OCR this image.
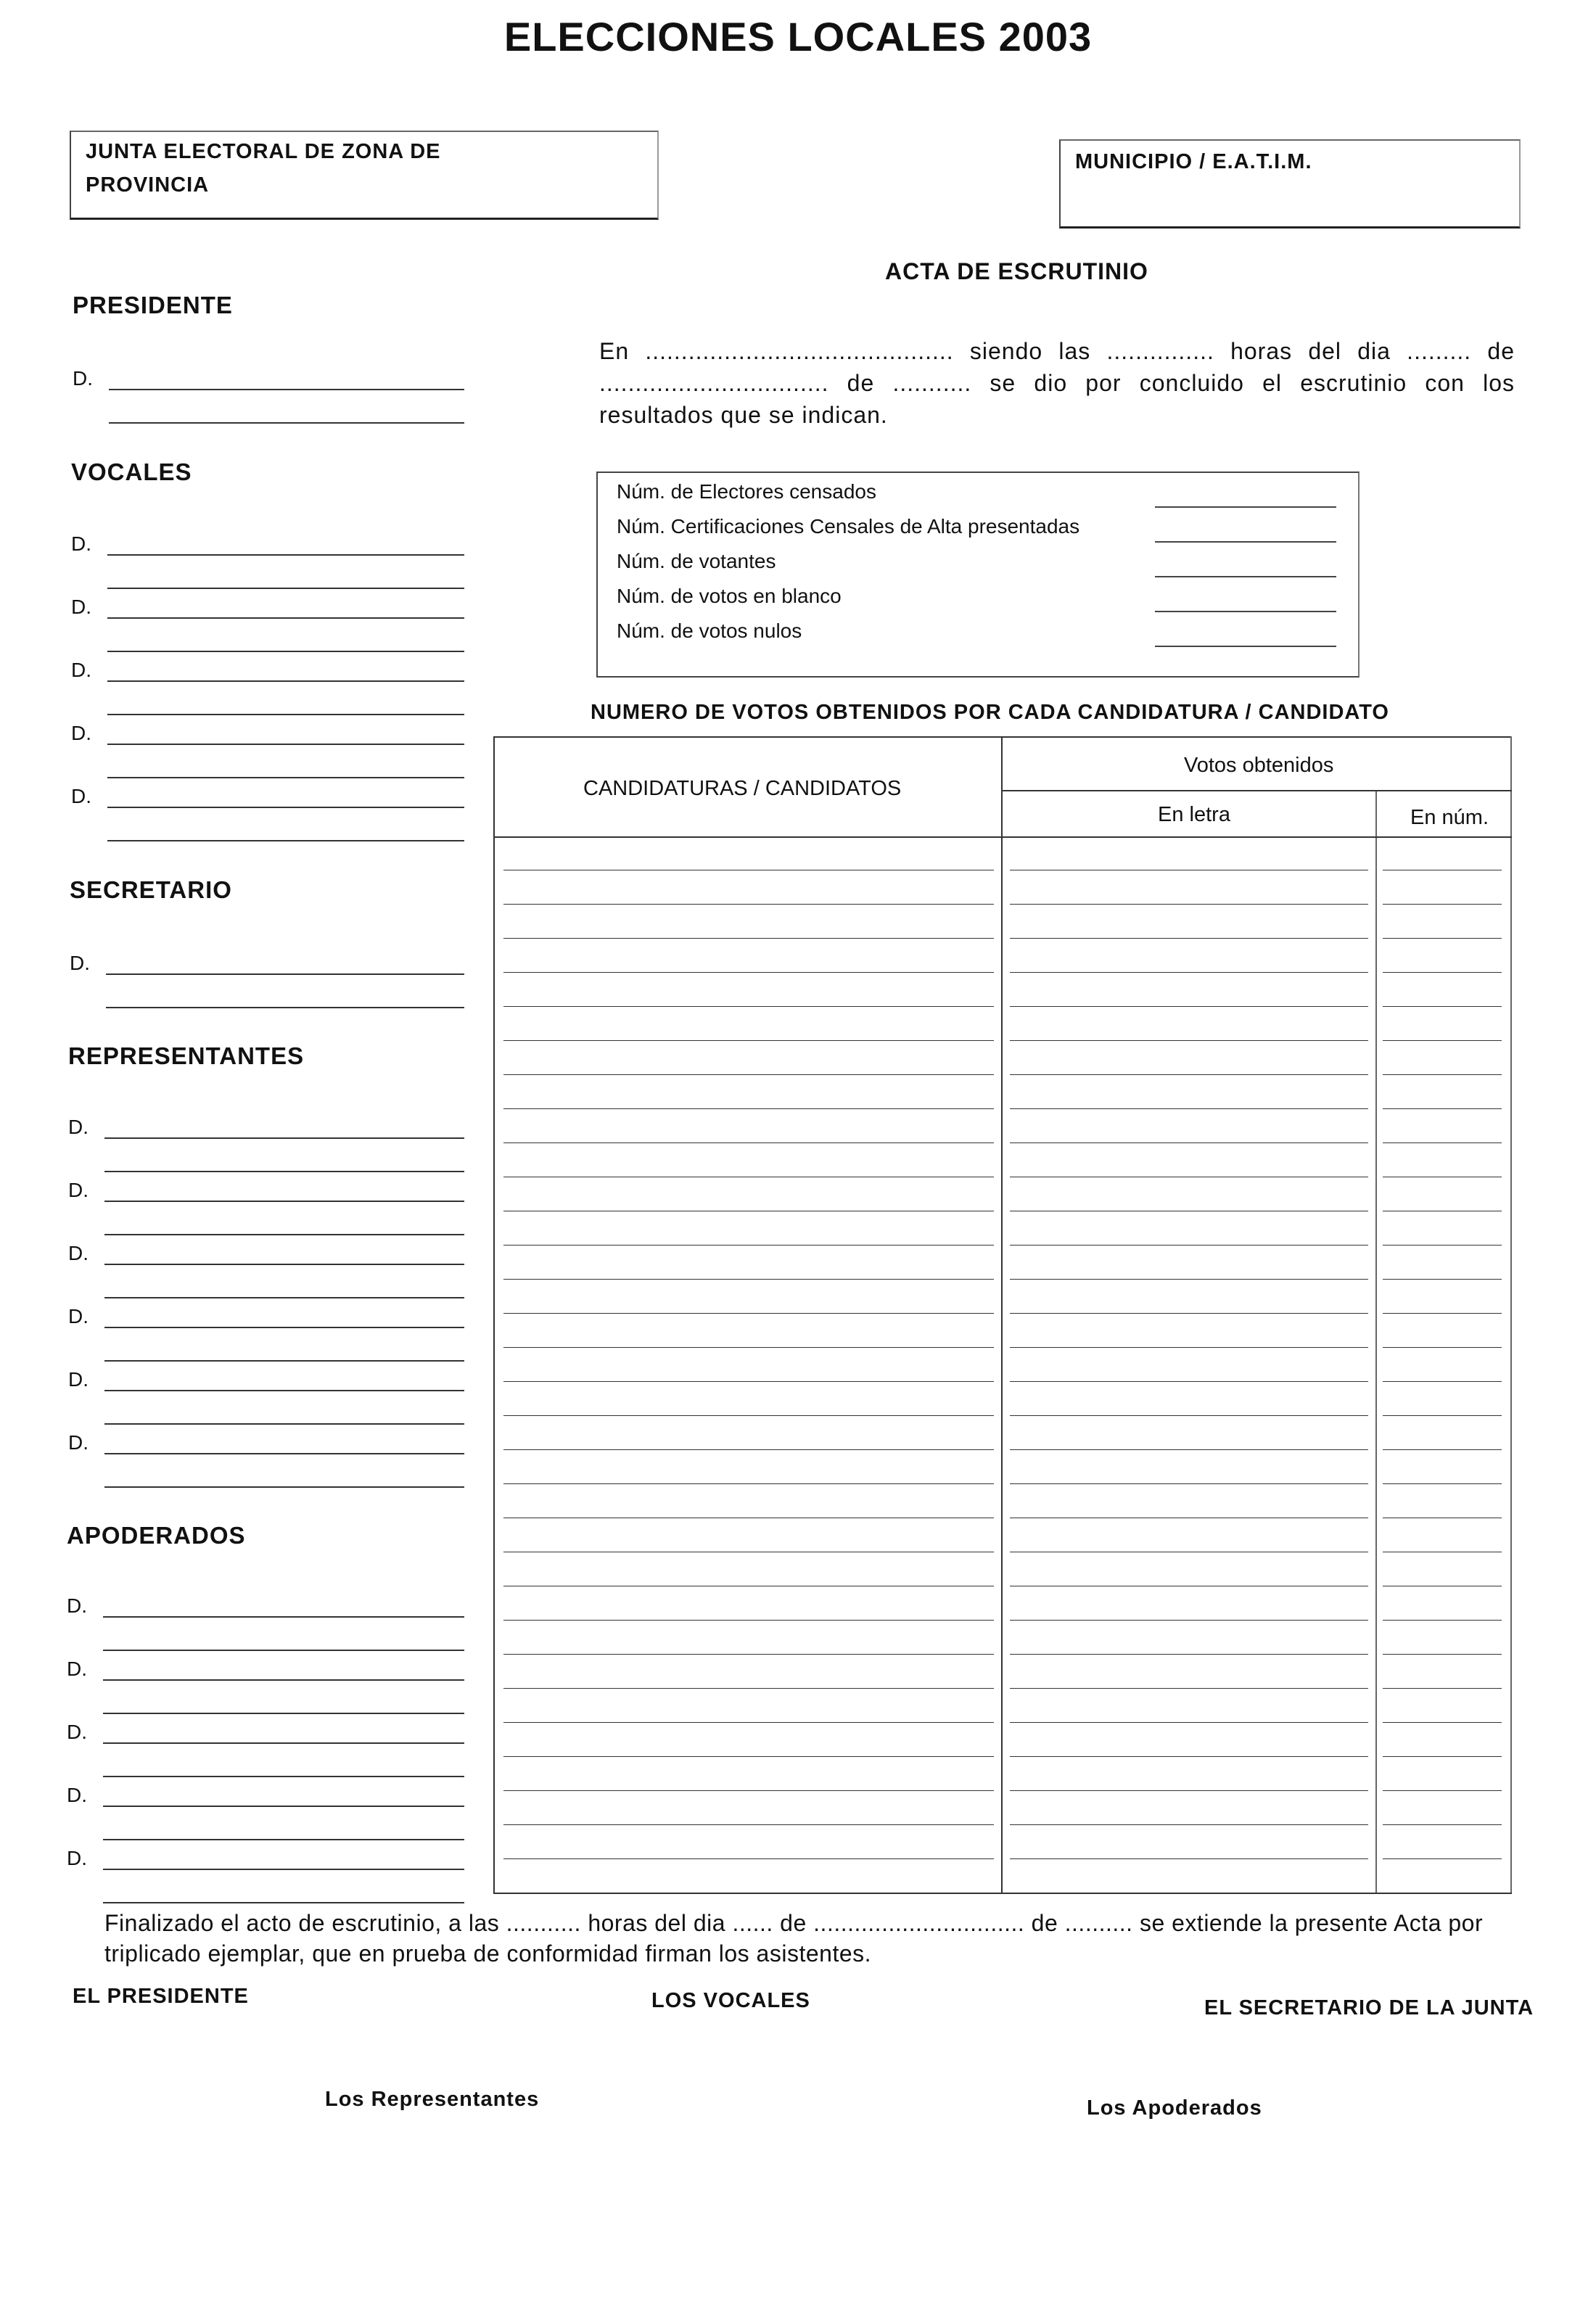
ELECCIONES LOCALES 2003
JUNTA ELECTORAL DE ZONA DE
PROVINCIA
MUNICIPIO / E.A.T.I.M.
PRESIDENTE
D.
VOCALES
D.
D.
D.
D.
D.
SECRETARIO
D.
REPRESENTANTES
D.
D.
D.
D.
D.
D.
APODERADOS
D.
D.
D.
D.
D.
ACTA DE ESCRUTINIO
En ........................................... siendo las ............... horas del dia ......... de ................................ de ........... se dio por concluido el escrutinio con los resultados que se indican.
Núm. de Electores censados
Núm. Certificaciones Censales de Alta presentadas
Núm. de votantes
Núm. de votos en blanco
Núm. de votos nulos
NUMERO DE VOTOS OBTENIDOS POR CADA CANDIDATURA / CANDIDATO
CANDIDATURAS / CANDIDATOS
Votos obtenidos
En letra	En núm.
Finalizado el acto de escrutinio, a las ........... horas del dia ...... de ............................... de .......... se extiende la presente Acta por triplicado ejemplar, que en prueba de conformidad firman los asistentes.
EL PRESIDENTE	LOS VOCALES	EL SECRETARIO DE LA JUNTA
Los Representantes	Los Apoderados
